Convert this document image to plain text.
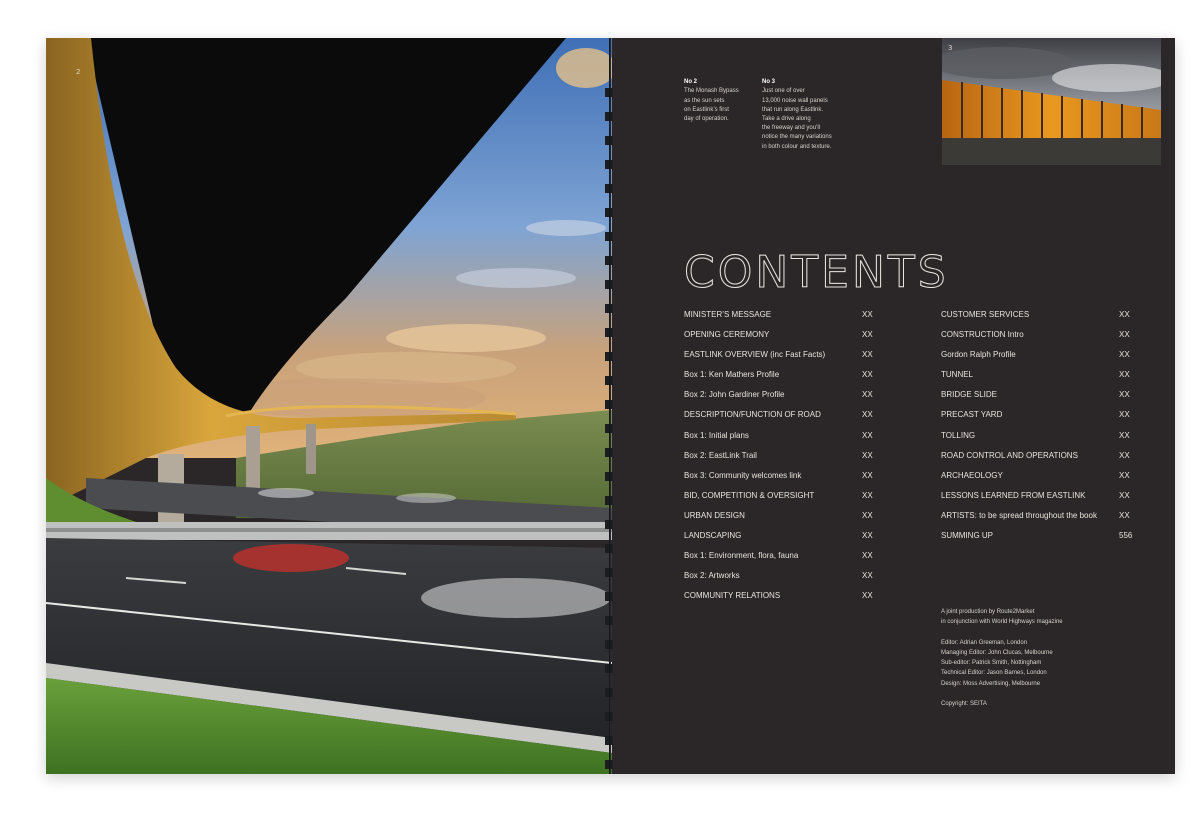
2

No 2
The Monash Bypass
as the sun sets
on Eastlink’s first
day of operation.

No 3
Just one of over
13,000 noise wall panels
that run along Eastlink.
Take a drive along
the freeway and you’ll
notice the many variations
in both colour and texture.

3
CONTENTS
MINISTER’S MESSAGE	XX
OPENING CEREMONY	XX
EASTLINK OVERVIEW (inc Fast Facts)	XX
Box 1: Ken Mathers Profile	XX
Box 2: John Gardiner Profile	XX
DESCRIPTION/FUNCTION OF ROAD	XX
Box 1: Initial plans	XX
Box 2: EastLink Trail	XX
Box 3: Community welcomes link	XX
BID, COMPETITION & OVERSIGHT	XX
URBAN DESIGN	XX
LANDSCAPING	XX
Box 1: Environment, flora, fauna	XX
Box 2: Artworks	XX
COMMUNITY RELATIONS	XX
CUSTOMER SERVICES	XX
CONSTRUCTION Intro	XX
Gordon Ralph Profile	XX
TUNNEL	XX
BRIDGE SLIDE	XX
PRECAST YARD	XX
TOLLING	XX
ROAD CONTROL AND OPERATIONS	XX
ARCHAEOLOGY	XX
LESSONS LEARNED FROM EASTLINK	XX
ARTISTS: to be spread throughout the book	XX
SUMMING UP	556

A joint production by Route2Market

in conjunction with World Highways magazine

Editor: Adrian Greeman, London

Managing Editor: John Clucas, Melbourne

Sub-editor: Patrick Smith, Nottingham

Technical Editor: Jason Barnes, London

Design: Moss Advertising, Melbourne

Copyright: SEITA
